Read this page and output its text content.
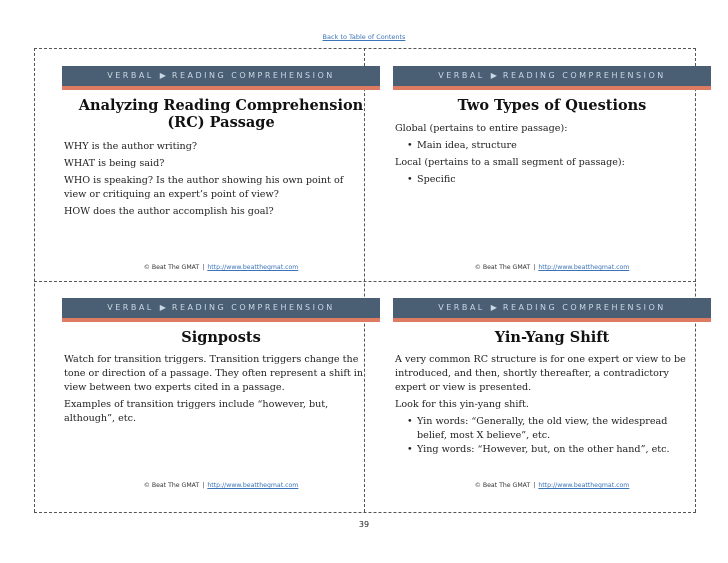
Back to Table of Contents
VERBAL ▶ READING COMPREHENSION
Analyzing Reading Comprehension
(RC) Passage

WHY is the author writing?

WHAT is being said?

WHO is speaking? Is the author showing his own point of view or critiquing an expert’s point of view?

HOW does the author accomplish his goal?

© Beat The GMAT | http://www.beatthegmat.com
VERBAL ▶ READING COMPREHENSION
Two Types of Questions

Global (pertains to entire passage):

• Main idea, structure

Local (pertains to a small segment of passage):

• Specific
© Beat The GMAT | http://www.beatthegmat.com
VERBAL ▶ READING COMPREHENSION
Signposts

Watch for transition triggers. Transition triggers change the tone or direction of a passage. They often represent a shift in view between two experts cited in a passage.

Examples of transition triggers include “however, but, although”, etc.

© Beat The GMAT | http://www.beatthegmat.com
VERBAL ▶ READING COMPREHENSION
Yin-Yang Shift

A very common RC structure is for one expert or view to be introduced, and then, shortly thereafter, a contradictory expert or view is presented.

Look for this yin-yang shift.

• Yin words: “Generally, the old view, the widespread belief, most X believe”, etc.
• Ying words: “However, but, on the other hand”, etc.
© Beat The GMAT | http://www.beatthegmat.com
39
